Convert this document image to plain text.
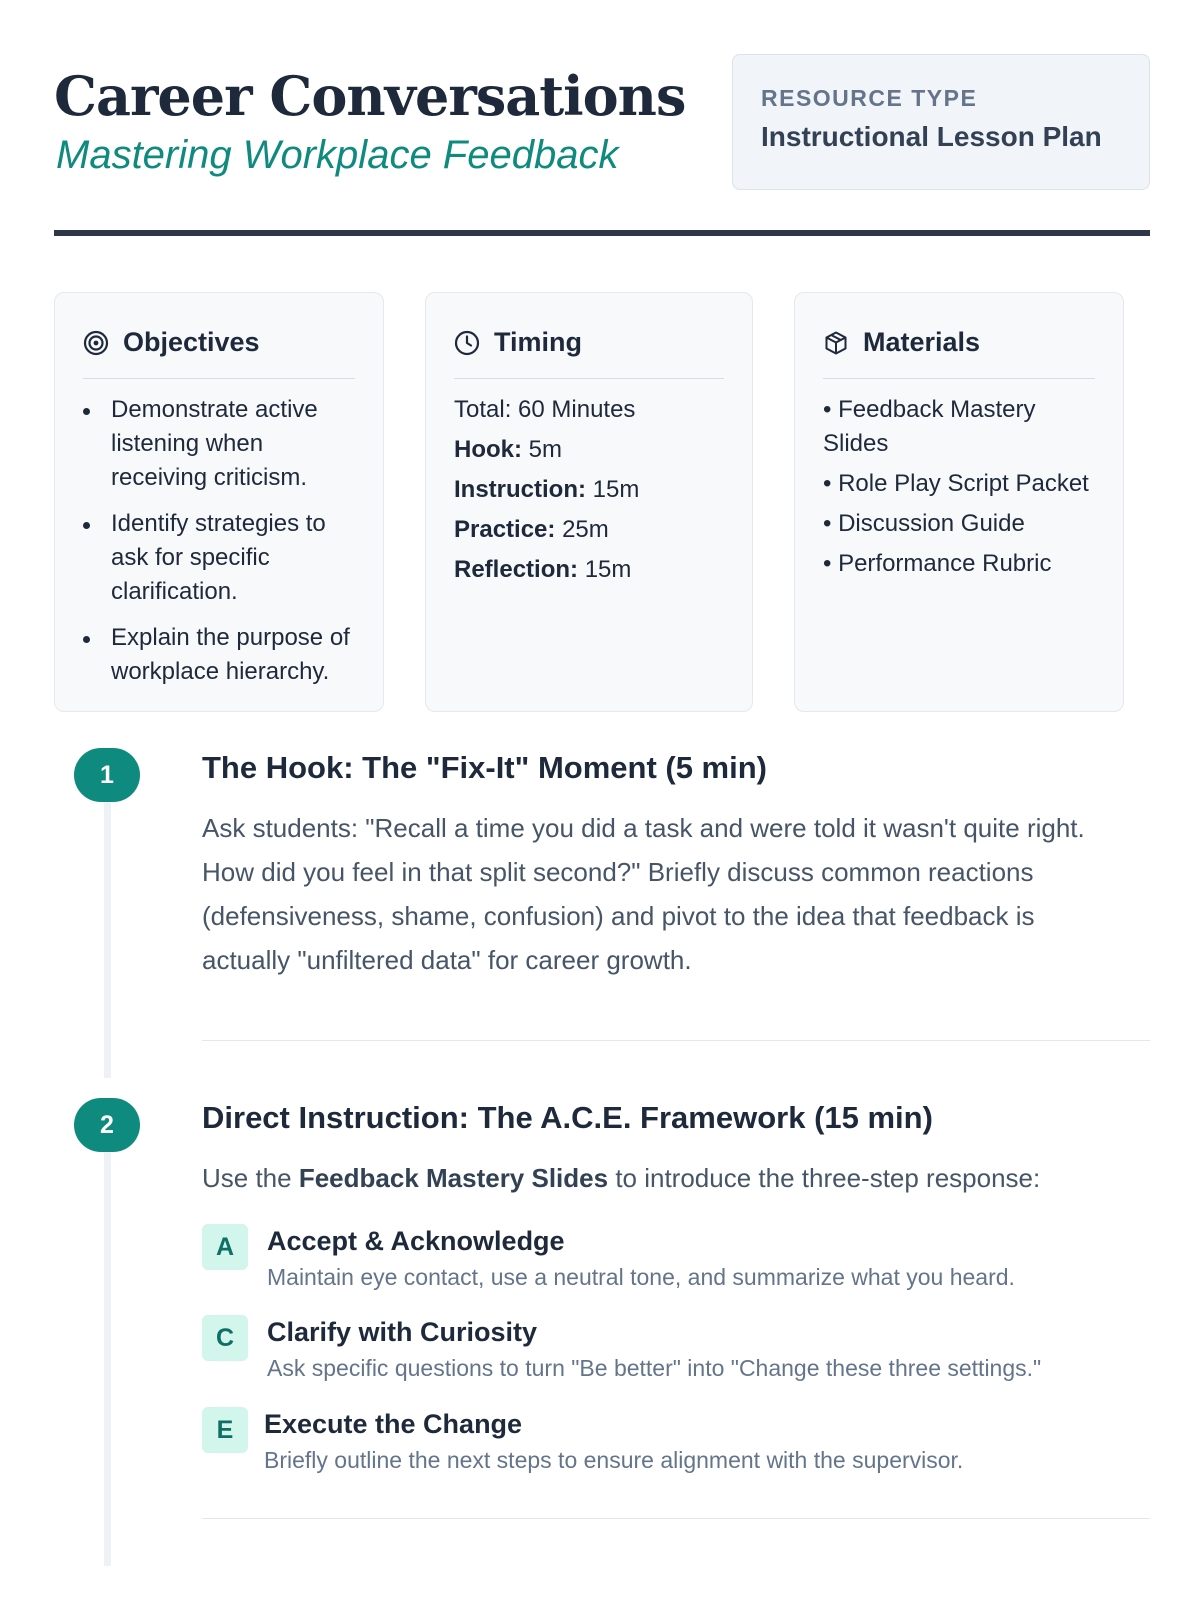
Career Conversations
Mastering Workplace Feedback
RESOURCE TYPE
Instructional Lesson Plan
Objectives
Demonstrate active listening when receiving criticism.
Identify strategies to ask for specific clarification.
Explain the purpose of workplace hierarchy.
Timing
Total: 60 Minutes
Hook: 5m
Instruction: 15m
Practice: 25m
Reflection: 15m
Materials
• Feedback Mastery Slides
• Role Play Script Packet
• Discussion Guide
• Performance Rubric
1	The Hook: The "Fix-It" Moment (5 min)
Ask students: "Recall a time you did a task and were told it wasn't quite right. How did you feel in that split second?" Briefly discuss common reactions (defensiveness, shame, confusion) and pivot to the idea that feedback is actually "unfiltered data" for career growth.
2	Direct Instruction: The A.C.E. Framework (15 min)
Use the Feedback Mastery Slides to introduce the three-step response:
A	Accept & Acknowledge
Maintain eye contact, use a neutral tone, and summarize what you heard.
C	Clarify with Curiosity
Ask specific questions to turn "Be better" into "Change these three settings."
E	Execute the Change
Briefly outline the next steps to ensure alignment with the supervisor.
